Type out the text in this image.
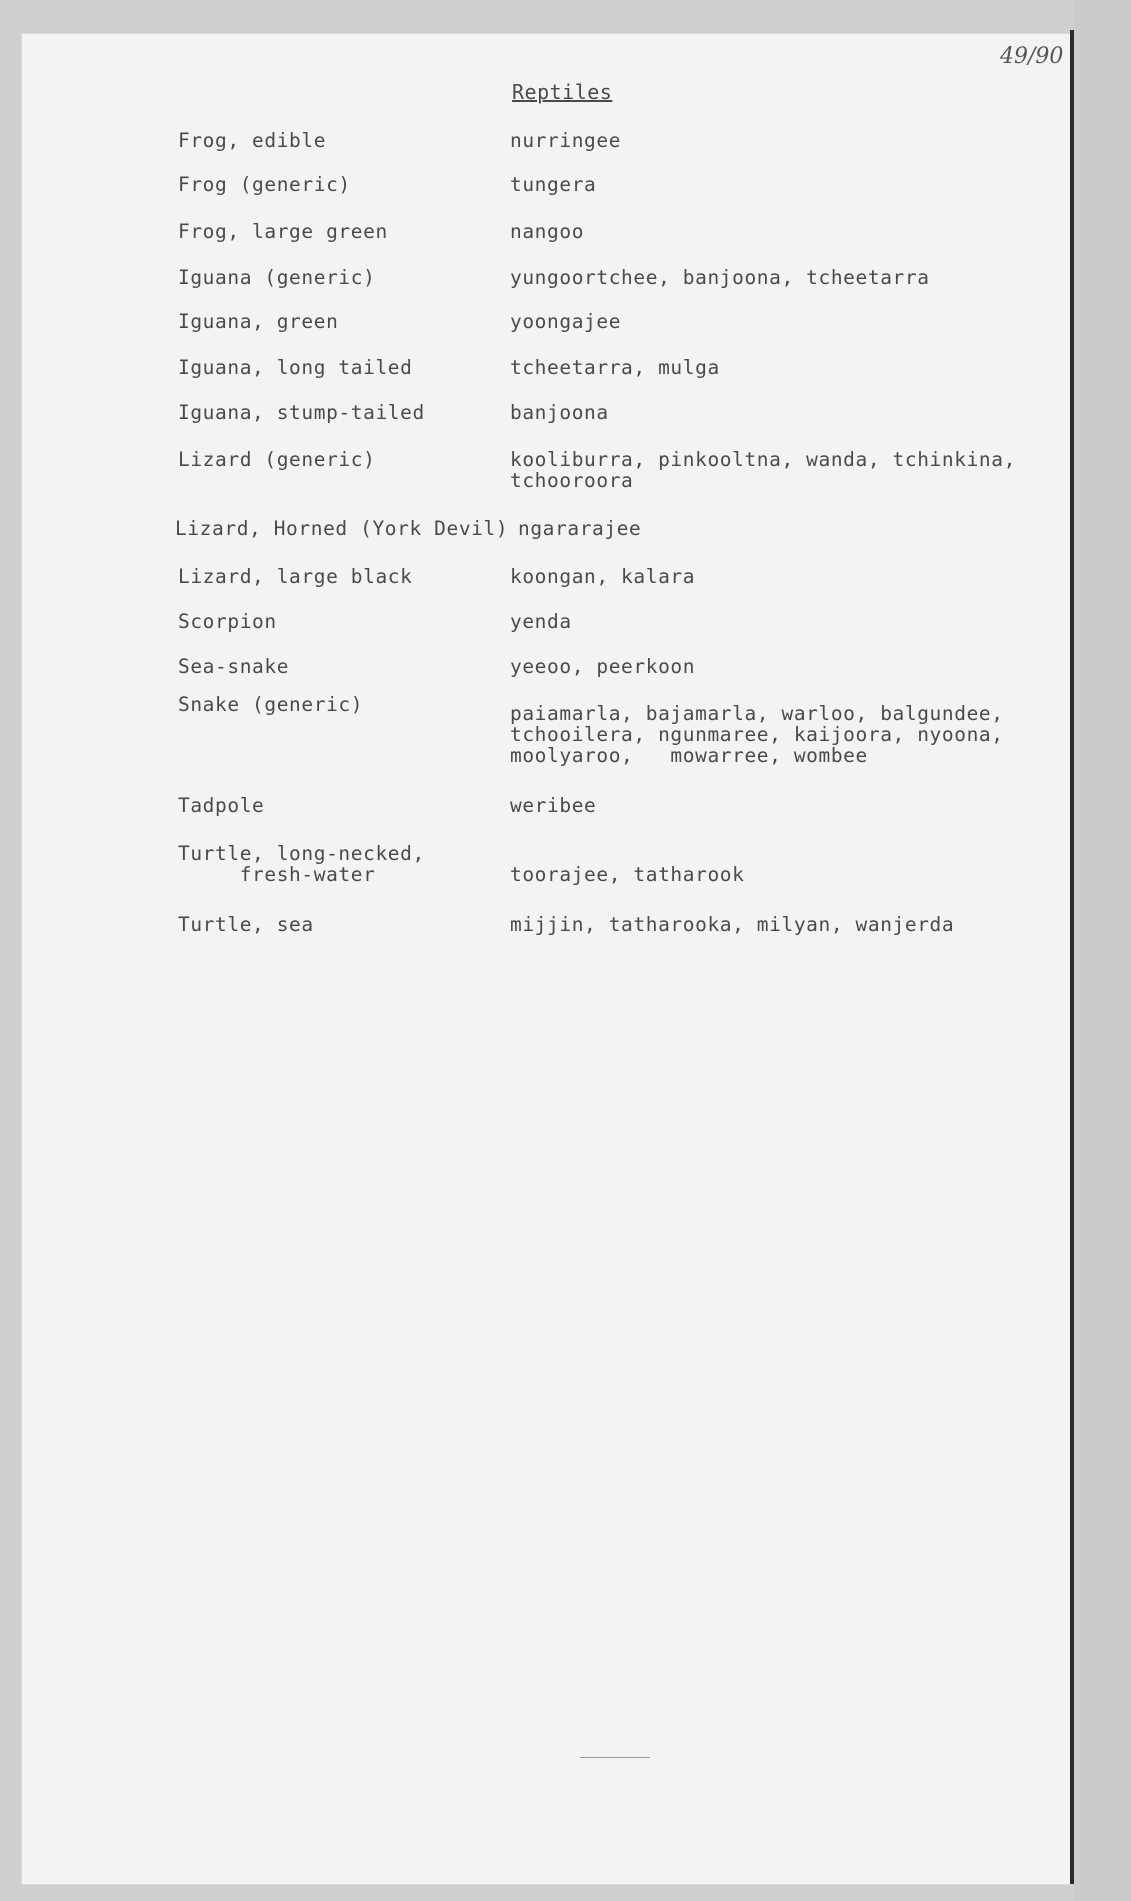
49/90
Reptiles
Frog, edible	nurringee
Frog (generic)	tungera
Frog, large green	nangoo
Iguana (generic)	yungoortchee, banjoona, tcheetarra
Iguana, green	yoongajee
Iguana, long tailed	tcheetarra, mulga
Iguana, stump-tailed	banjoona
Lizard (generic)	kooliburra, pinkooltna, wanda, tchinkina,
tchooroora
Lizard, Horned (York Devil) ngararajee
Lizard, large black	koongan, kalara
Scorpion	yenda
Sea-snake	yeeoo, peerkoon
Snake (generic)	paiamarla, bajamarla, warloo, balgundee,
tchooilera, ngunmaree, kaijoora, nyoona,
moolyaroo,   mowarree, wombee
Tadpole	weribee
Turtle, long-necked,
fresh-water	toorajee, tatharook
Turtle, sea	mijjin, tatharooka, milyan, wanjerda
